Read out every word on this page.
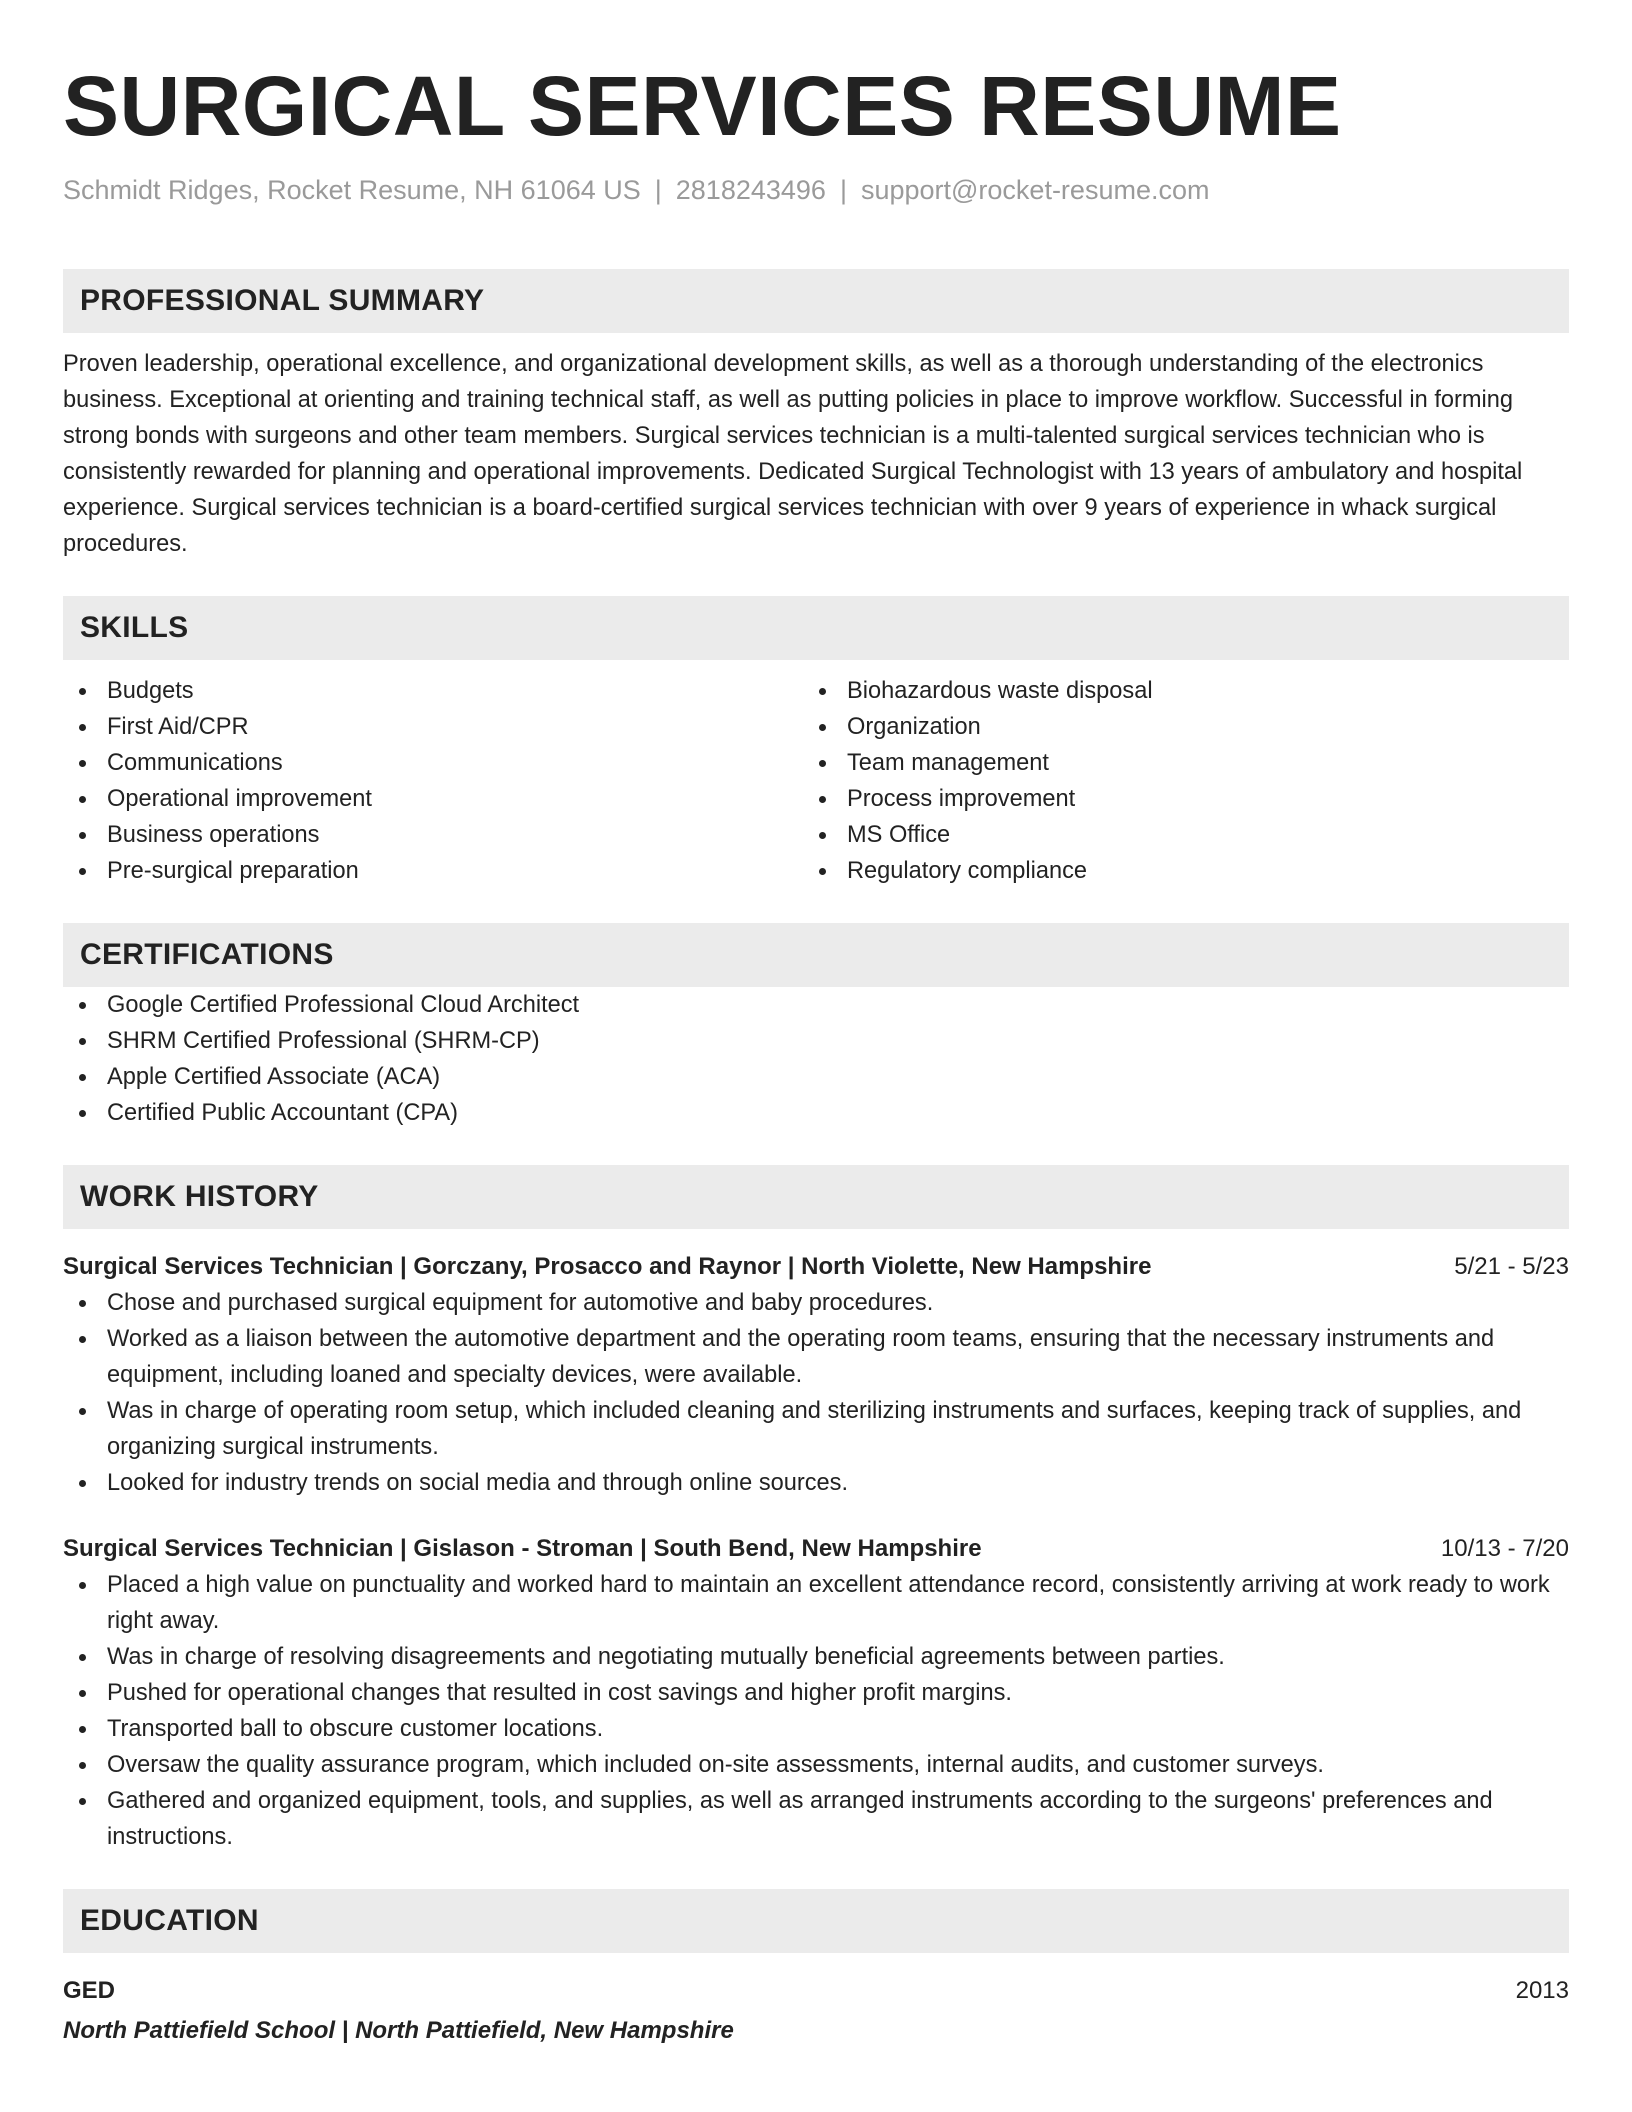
SURGICAL SERVICES RESUME
Schmidt Ridges, Rocket Resume, NH 61064 US | 2818243496 | support@rocket-resume.com
PROFESSIONAL SUMMARY

Proven leadership, operational excellence, and organizational development skills, as well as a thorough understanding of the electronics business. Exceptional at orienting and training technical staff, as well as putting policies in place to improve workflow. Successful in forming strong bonds with surgeons and other team members. Surgical services technician is a multi-talented surgical services technician who is consistently rewarded for planning and operational improvements. Dedicated Surgical Technologist with 13 years of ambulatory and hospital experience. Surgical services technician is a board-certified surgical services technician with over 9 years of experience in whack surgical procedures.

SKILLS
Budgets
First Aid/CPR
Communications
Operational improvement
Business operations
Pre-surgical preparation
Biohazardous waste disposal
Organization
Team management
Process improvement
MS Office
Regulatory compliance
CERTIFICATIONS
Google Certified Professional Cloud Architect
SHRM Certified Professional (SHRM-CP)
Apple Certified Associate (ACA)
Certified Public Accountant (CPA)
WORK HISTORY
Surgical Services Technician | Gorczany, Prosacco and Raynor | North Violette, New Hampshire	5/21 - 5/23
Chose and purchased surgical equipment for automotive and baby procedures.
Worked as a liaison between the automotive department and the operating room teams, ensuring that the necessary instruments and equipment, including loaned and specialty devices, were available.
Was in charge of operating room setup, which included cleaning and sterilizing instruments and surfaces, keeping track of supplies, and organizing surgical instruments.
Looked for industry trends on social media and through online sources.
Surgical Services Technician | Gislason - Stroman | South Bend, New Hampshire	10/13 - 7/20
Placed a high value on punctuality and worked hard to maintain an excellent attendance record, consistently arriving at work ready to work right away.
Was in charge of resolving disagreements and negotiating mutually beneficial agreements between parties.
Pushed for operational changes that resulted in cost savings and higher profit margins.
Transported ball to obscure customer locations.
Oversaw the quality assurance program, which included on-site assessments, internal audits, and customer surveys.
Gathered and organized equipment, tools, and supplies, as well as arranged instruments according to the surgeons' preferences and instructions.
EDUCATION
GED	2013
North Pattiefield School | North Pattiefield, New Hampshire
